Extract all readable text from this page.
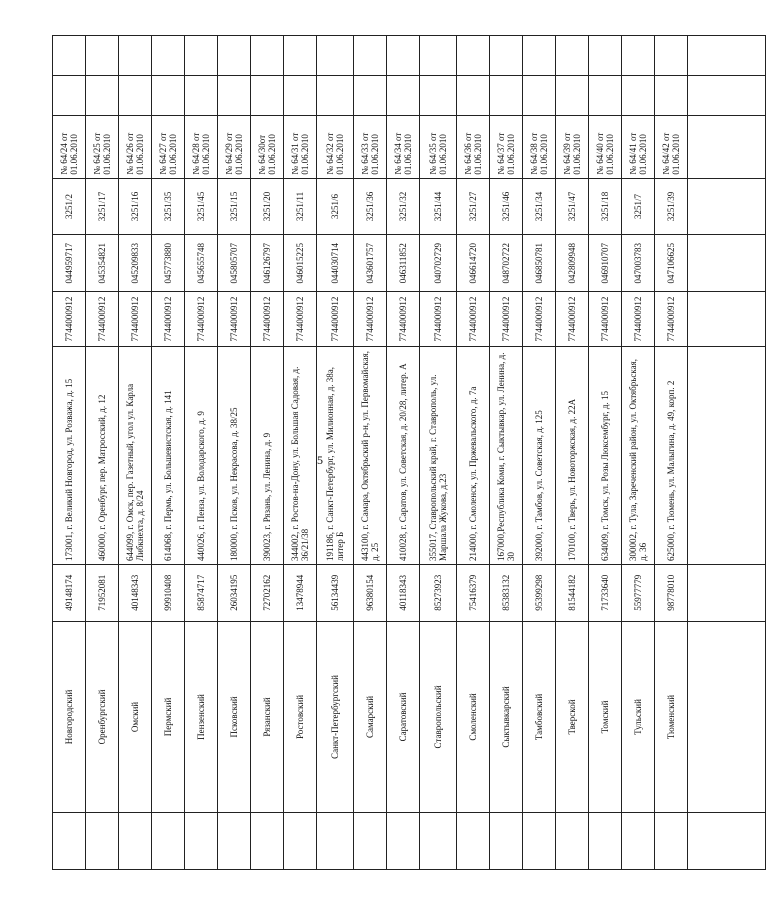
5
	Новгородский	49148174	173001, г. Великий Новгород, ул. Розважа, д. 15	7744000912	044959717	3251/2	№ 64/24 от 01.06.2010		
	Оренбургский	71952081	460000, г. Оренбург, пер. Матросский, д. 12	7744000912	045354821	3251/17	№ 64/25 от 01.06.2010		
	Омский	40148343	644099, г. Омск, пер. Газетный, угол ул. Карла Либкнехта, д. 8/24	7744000912	045209833	3251/16	№ 64/26 от 01.06.2010		
	Пермский	99910408	614068, г. Пермь, ул. Большевистская, д. 141	7744000912	045773880	3251/35	№ 64/27 от 01.06.2010		
	Пензенский	85874717	440026, г. Пенза, ул. Володарского, д. 9	7744000912	045655748	3251/45	№ 64/28 от 01.06.2010		
	Псковский	26034195	180000, г. Псков, ул. Некрасова, д. 38/25	7744000912	045805707	3251/15	№ 64/29 от 01.06.2010		
	Рязанский	72702162	390023, г. Рязань, ул. Ленина, д. 9	7744000912	046126797	3251/20	№ 64/30от 01.06.2010		
	Ростовский	13478944	344002, г. Ростов-на-Дону, ул. Большая Садовая, д. 36/21/38	7744000912	046015225	3251/11	№ 64/31 от 01.06.2010		
	Санкт-Петербургский	56134439	191186, г. Санкт-Петербург, ул. Милионная, д. 38а, литер Б	7744000912	044030714	3251/6	№ 64/32 от 01.06.2010		
	Самарский	96380154	443100, г. Самара, Октябрьский р-н, ул. Первомайская, д. 25	7744000912	043601757	3251/36	№ 64/33 от 01.06.2010		
	Саратовский	40118343	410028, г. Саратов, ул. Советская, д. 20/28, литер. А	7744000912	046311852	3251/32	№ 64/34 от 01.06.2010		
	Ставропольский	85273923	355017, Ставропольский край, г. Ставрополь, ул. Маршала Жукова, д.23	7744000912	040702729	3251/44	№ 64/35 от 01.06.2010		
	Смоленский	75416379	214000, г. Смоленск, ул. Пржевальского, д. 7а	7744000912	046614720	3251/27	№ 64/36 от 01.06.2010		
	Сыктывкарский	85383132	167000,Республика Коми, г. Сыктывкар, ул. Ленина, д. 30	7744000912	048702722	3251/46	№ 64/37 от 01.06.2010		
	Тамбовский	95399298	392000, г. Тамбов, ул. Советская, д. 125	7744000912	046850781	3251/34	№ 64/38 от 01.06.2010		
	Тверской	81544182	170100, г. Тверь, ул. Новоторжская, д. 22А	7744000912	042809948	3251/47	№ 64/39 от 01.06.2010		
	Томский	71733640	634009, г. Томск, ул. Розы Люксембург, д. 15	7744000912	046910707	3251/18	№ 64/40 от 01.06.2010		
	Тульский	55977779	300002, г. Тула, Зареченский район, ул. Октябрьская, д. 36	7744000912	047003783	3251/7	№ 64/41 от 01.06.2010		
	Тюменский	98778010	625000, г. Тюмень, ул. Малыгина, д. 49, корп. 2	7744000912	047106625	3251/39	№ 64/42 от 01.06.2010		
